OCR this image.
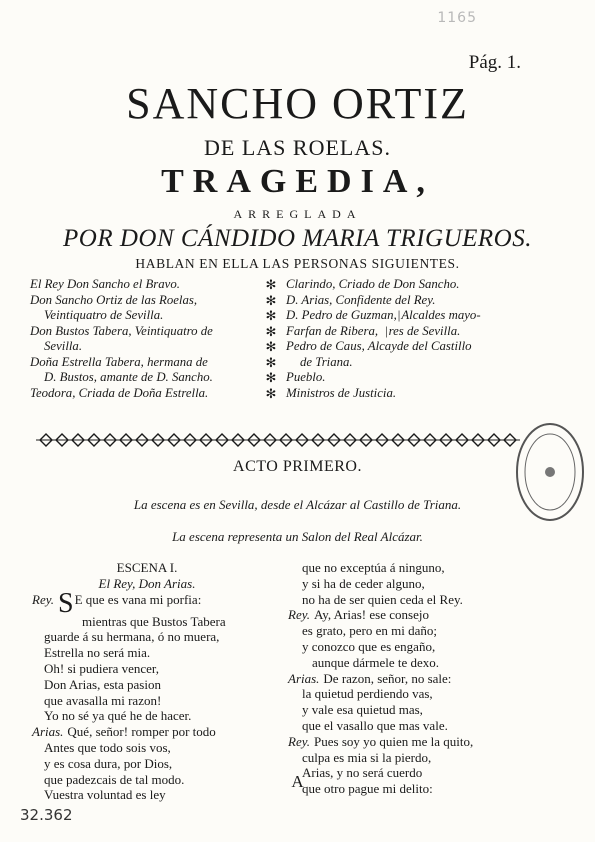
1165
Pág. 1.
SANCHO ORTIZ
DE LAS ROELAS.
TRAGEDIA,
ARREGLADA
POR DON CÁNDIDO MARIA TRIGUEROS.
HABLAN EN ELLA LAS PERSONAS SIGUIENTES.
El Rey Don Sancho el Bravo.
Don Sancho Ortiz de las Roelas,
Veintiquatro de Sevilla.
Don Bustos Tabera, Veintiquatro de
Sevilla.
Doña Estrella Tabera, hermana de
D. Bustos, amante de D. Sancho.
Teodora, Criada de Doña Estrella.
✻
✻
✻
✻
✻
✻
✻
✻
Clarindo, Criado de Don Sancho.
D. Arias, Confidente del Rey.
D. Pedro de Guzman,|Alcaldes mayo-
Farfan de Ribera, |res de Sevilla.
Pedro de Caus, Alcayde del Castillo
de Triana.
Pueblo.
Ministros de Justicia.
ACTO PRIMERO.
La escena es en Sevilla, desde el Alcázar al Castillo de Triana.
La escena representa un Salon del Real Alcázar.
ESCENA I.
El Rey, Don Arias.
Rey. SE que es vana mi porfia:
mientras que Bustos Tabera
guarde á su hermana, ó no muera,
Estrella no será mia.
Oh! si pudiera vencer,
Don Arias, esta pasion
que avasalla mi razon!
Yo no sé ya qué he de hacer.
Arias. Qué, señor! romper por todo
Antes que todo sois vos,
y es cosa dura, por Dios,
que padezcais de tal modo.
Vuestra voluntad es ley
que no exceptúa á ninguno,
y si ha de ceder alguno,
no ha de ser quien ceda el Rey.
Rey. Ay, Arias! ese consejo
es grato, pero en mi daño;
y conozco que es engaño,
aunque dármele te dexo.
Arias. De razon, señor, no sale:
la quietud perdiendo vas,
y vale esa quietud mas,
que el vasallo que mas vale.
Rey. Pues soy yo quien me la quito,
culpa es mia si la pierdo,
Arias, y no será cuerdo
que otro pague mi delito:
A
32.362
